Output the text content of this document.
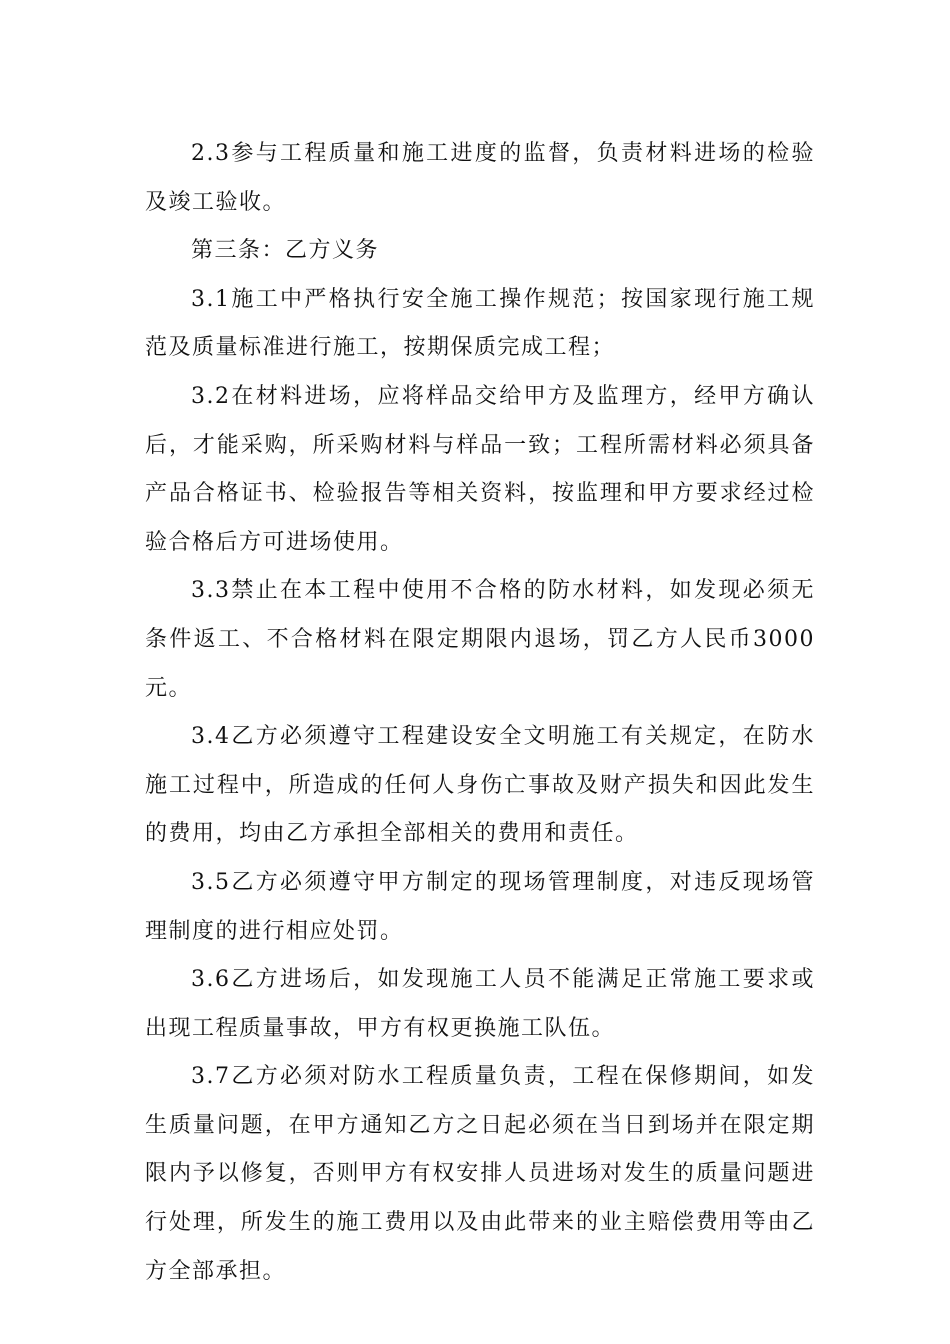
2.3参与工程质量和施工进度的监督，负责材料进场的检验及竣工验收。

第三条：乙方义务

3.1施工中严格执行安全施工操作规范；按国家现行施工规范及质量标准进行施工，按期保质完成工程；

3.2在材料进场，应将样品交给甲方及监理方，经甲方确认后，才能采购，所采购材料与样品一致；工程所需材料必须具备产品合格证书、检验报告等相关资料，按监理和甲方要求经过检验合格后方可进场使用。

3.3禁止在本工程中使用不合格的防水材料，如发现必须无条件返工、不合格材料在限定期限内退场，罚乙方人民币3000元。

3.4乙方必须遵守工程建设安全文明施工有关规定，在防水施工过程中，所造成的任何人身伤亡事故及财产损失和因此发生的费用，均由乙方承担全部相关的费用和责任。

3.5乙方必须遵守甲方制定的现场管理制度，对违反现场管理制度的进行相应处罚。

3.6乙方进场后，如发现施工人员不能满足正常施工要求或出现工程质量事故，甲方有权更换施工队伍。

3.7乙方必须对防水工程质量负责，工程在保修期间，如发生质量问题，在甲方通知乙方之日起必须在当日到场并在限定期限内予以修复，否则甲方有权安排人员进场对发生的质量问题进行处理，所发生的施工费用以及由此带来的业主赔偿费用等由乙方全部承担。
